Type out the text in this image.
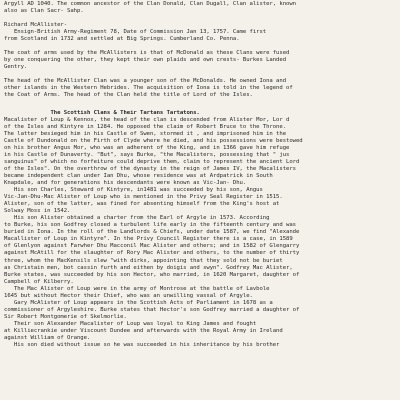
Argyll AD 1040. The common ancestor of the Clan Donald, Clan Dugall, Clan alister, known
also as Clan Sacr- Sahp.
Richard McAllister-
Ensign-British Army-Regiment 78, Date of Commission Jan 13, 1757. Came first
from Scotland in 1732 and settled at Big Springs. Cumberland Co. Penna.
The coat of arms used by the McAllisters is that of McDonald as these Clans were fused
by one conquering the other, they kept their own plaids and own crests- Burkes Landed
Gentry.
The head of the McAllister Clan was a younger son of the McDonalds. He owned Iona and
other islands in the Western Hebrides. The acquisition of Iona is told in the legend of
the Coat of Arms. The head of the Clan held the title of Lord of the Isles.
The Scottish Clans & Their Tartans Tartatons.
Macalister of Loup & Kennox, the head of the clan is descended from Alister Mor, Lor d
of the Isles and Kintyre in 1284. He opposed the claim of Robert Bruce to the Throne.
The latter besieged him in his Castle of Swen, stormed it , and imprisoned him in the
Castle of Dundonald on the Firth of Clyde where he died, and his possessions were bestowed
on his brother Angus Mor, who was an adherent of the King, and in 1366 gave him refuge
in his Castle of Dunaverty. "But", says Burke, "the Macalisters, possessing that " jus
sanguinus" of which no forfeiture could deprive them, claim to represent the ancient Lord
of the Isles". On the overthrow of the dynasty in the reign of James IV, the Macalisters
became independent clan under Ian Dhu, whose residence was at Ardpatrick in South
Knapdale, and for generations his descendants were known as Vic-Jan- Dhu.
His son Charles, Steward of Kintyre, in1481 was succeeded by his son, Angus
Vic-Jan-Dhu-Mac Alister of Loup who is mentioned in the Privy Seal Register in 1515.
Alister, son of the latter, was fined for absenting himself from the King's host at
Solway Moss in 1542.
His son Alister obtained a charter from the Earl of Argyle in 1573. According
to Burke, his son Godfrey closed a turbulent life early in the fifteenth century and was
buried in Iona. In the roll of the Landlords & Chiefs, under date 1587, we find "Alexande
Macallister of Loup in Kintyre". In the Privy Council Register there is a case, in 1589
of Glenlyon against Farwher Dhu Macconil Mac Alister and others; and in 1582 of Glengarry
against McAtill for the slaughter of Rory Mac Alister and others, to the number of thirty
three, whom the MacKensils slew "with dirks, appointing that they sold not be buriet
as Christain men, bot cassin furth and eithen by doigis and swyn". Godfrey Mac Alister,
Burke states, was succeeded by his son Hector, who married, in 1620 Margaret, daughter of
Campbell of Kilberry.
The Mac Alister of Loup were in the army of Montrose at the battle of Lavbole
1645 but without Hector their Chief, who was an unwilling vassal of Argyle.
Gary McAlister of Loup appears in the Scottish Acts of Parliament in 1678 as a
commissioner of Argyleshire. Burke states that Hector's son Godfrey married a daughter of
Sir Robert Montgomerie of Skelmorlie.
Their son Alexander Macalister of Loup was loyal to King James and fought
at Killiecrankie under Viscount Dundee and afterwards with the Royal Army in Ireland
against William of Orange.
His son died without issue so he was succeeded in his inheritance by his brother
